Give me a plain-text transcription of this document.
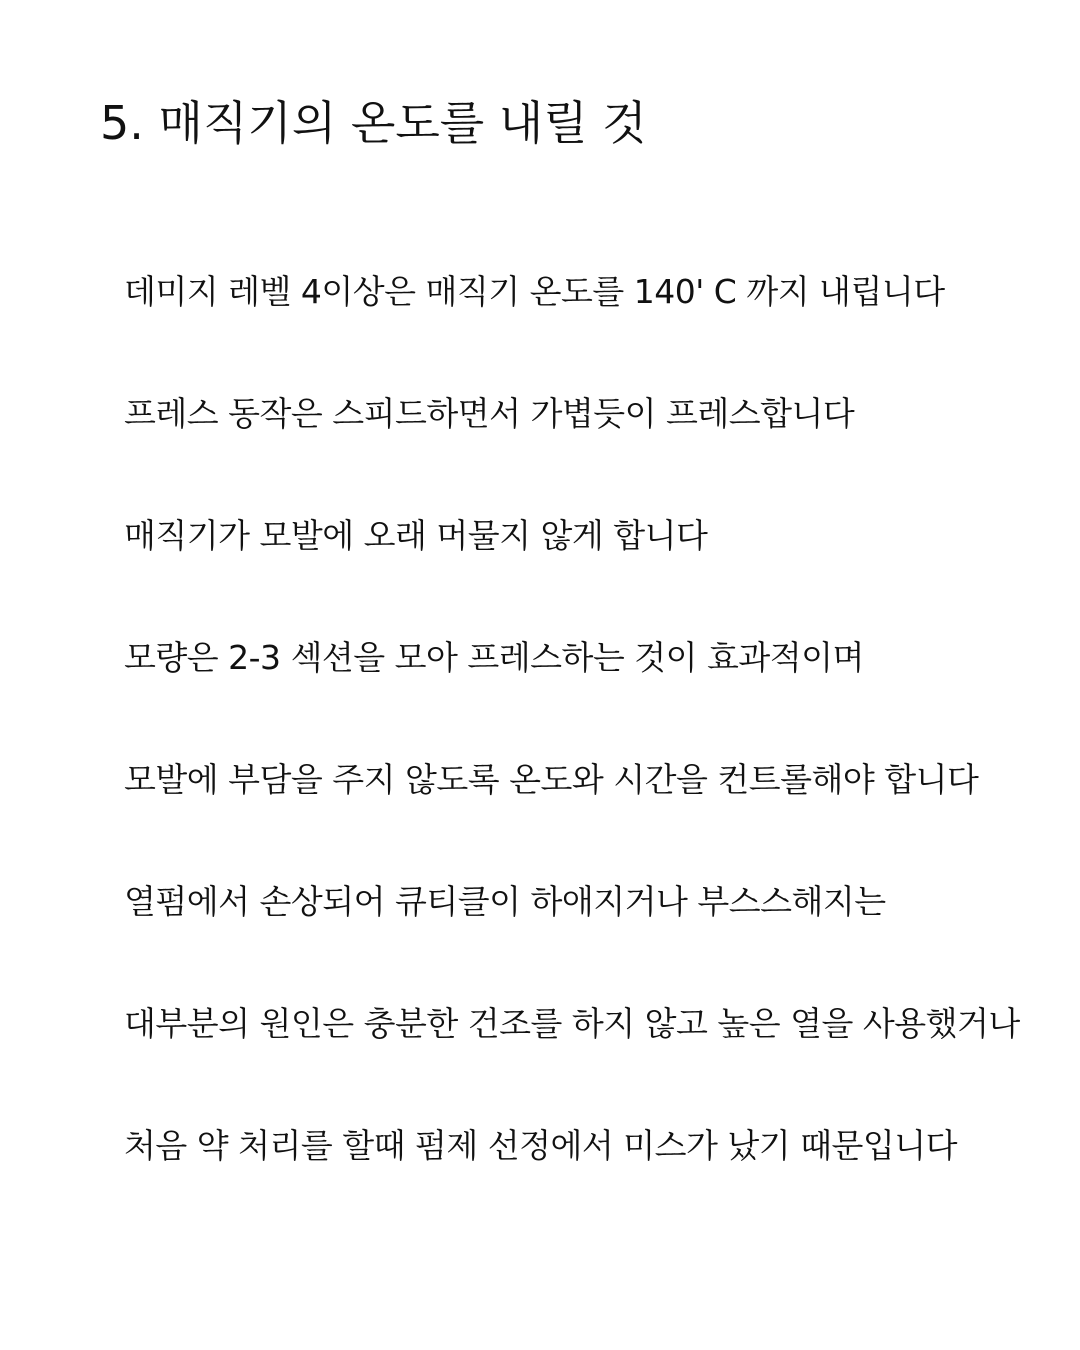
5. 매직기의 온도를 내릴 것
데미지 레벨 4이상은 매직기 온도를 140' C 까지 내립니다
프레스 동작은 스피드하면서 가볍듯이 프레스합니다
매직기가 모발에 오래 머물지 않게 합니다
모량은 2-3 섹션을 모아 프레스하는 것이 효과적이며
모발에 부담을 주지 않도록 온도와 시간을 컨트롤해야 합니다
열펌에서 손상되어 큐티클이 하애지거나 부스스해지는
대부분의 원인은 충분한 건조를 하지 않고 높은 열을 사용했거나
처음 약 처리를 할때 펌제 선정에서 미스가 났기 때문입니다
